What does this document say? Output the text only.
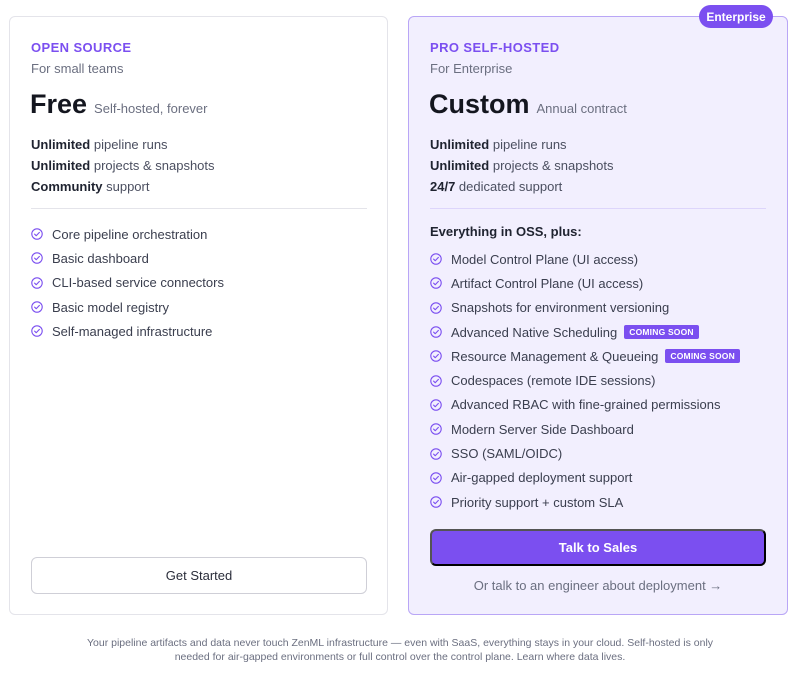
OPEN SOURCE
For small teams
Free Self-hosted, forever
Unlimited pipeline runs
Unlimited projects & snapshots
Community support
Core pipeline orchestration
Basic dashboard
CLI-based service connectors
Basic model registry
Self-managed infrastructure
Get Started
PRO SELF-HOSTED
For Enterprise
Custom Annual contract
Unlimited pipeline runs
Unlimited projects & snapshots
24/7 dedicated support
Everything in OSS, plus:
Model Control Plane (UI access)
Artifact Control Plane (UI access)
Snapshots for environment versioning
Advanced Native Scheduling	COMING SOON
Resource Management & Queueing	COMING SOON
Codespaces (remote IDE sessions)
Advanced RBAC with fine-grained permissions
Modern Server Side Dashboard
SSO (SAML/OIDC)
Air-gapped deployment support
Priority support + custom SLA
Talk to Sales
Or talk to an engineer about deployment →
Enterprise
Your pipeline artifacts and data never touch ZenML infrastructure — even with SaaS, everything stays in your cloud. Self-hosted is only
needed for air-gapped environments or full control over the control plane. Learn where data lives.
